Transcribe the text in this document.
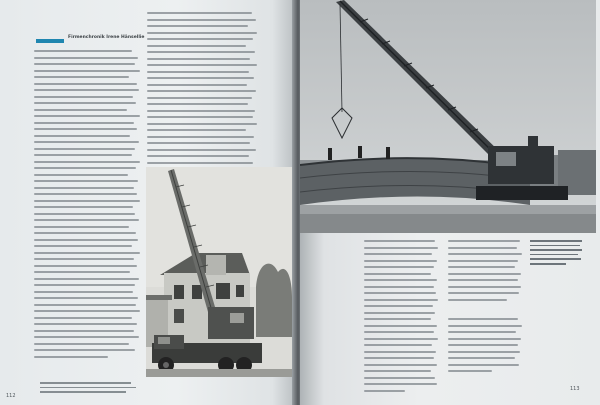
Firmenchronik Irene Hänsellie
112
113
